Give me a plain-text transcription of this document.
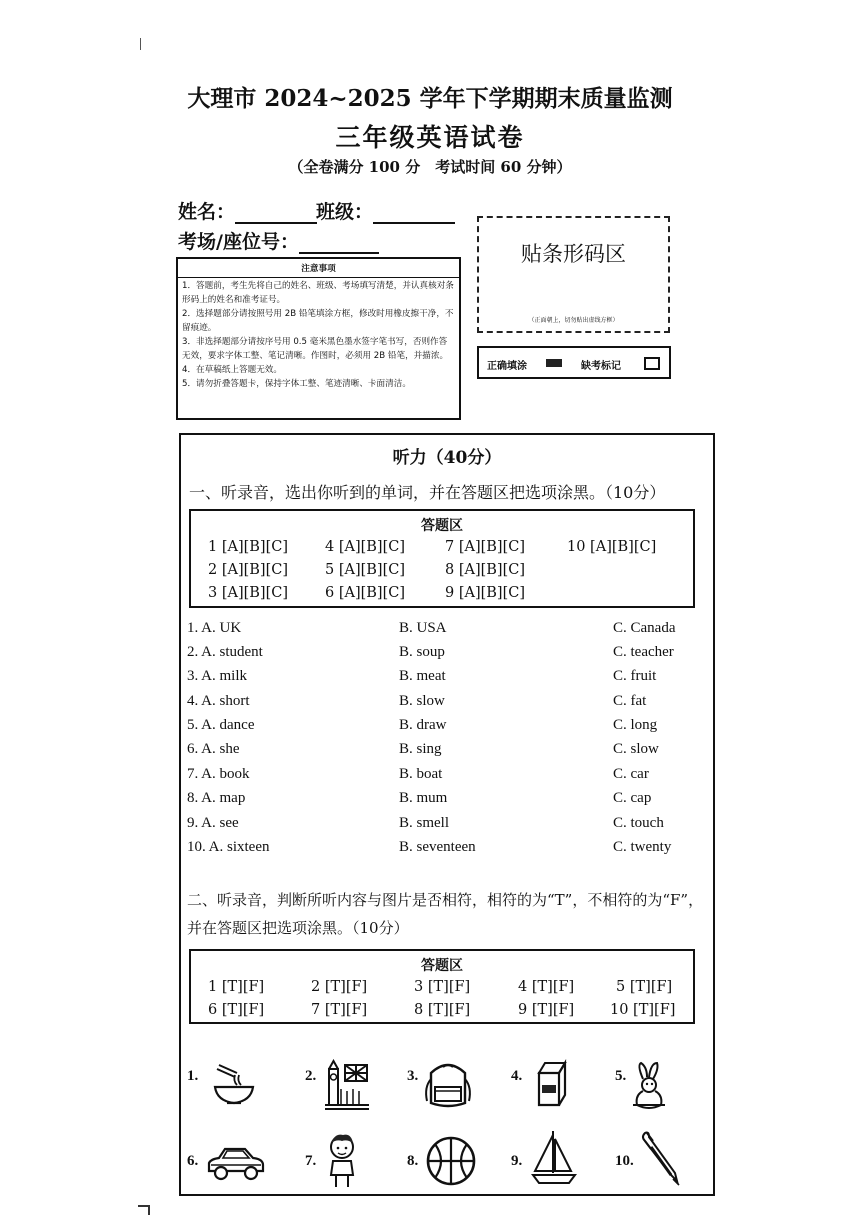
大理市 2024~2025 学年下学期期末质量监测
三年级英语试卷
（全卷满分 100 分　考试时间 60 分钟）
姓名：	班级：
考场/座位号：
注意事项

1．答题前，考生先将自己的姓名、班级、考场填写清楚，并认真核对条形码上的姓名和准考证号。

2．选择题部分请按照号用 2B 铅笔填涂方框，修改时用橡皮擦干净，不留痕迹。

3．非选择题部分请按序号用 0.5 毫米黑色墨水签字笔书写，否则作答无效，要求字体工整、笔记清晰。作图时，必须用 2B 铅笔，并描浓。

4．在草稿纸上答题无效。

5．请勿折叠答题卡，保持字体工整、笔迹清晰、卡面清洁。

贴条形码区
（正面朝上，切勿贴出虚线方框）
正确填涂	缺考标记
听力（40分）
一、听录音，选出你听到的单词，并在答题区把选项涂黑。（10分）
答题区
1 [A][B][C]
2 [A][B][C]
3 [A][B][C]
4 [A][B][C]
5 [A][B][C]
6 [A][B][C]
7 [A][B][C]
8 [A][B][C]
9 [A][B][C]
10 [A][B][C]
1. A. UK	B. USA	C. Canada
2. A. student	B. soup	C. teacher
3. A. milk	B. meat	C. fruit
4. A. short	B. slow	C. fat
5. A. dance	B. draw	C. long
6. A. she	B. sing	C. slow
7. A. book	B. boat	C. car
8. A. map	B. mum	C. cap
9. A. see	B. smell	C. touch
10. A. sixteen	B. seventeen	C. twenty
二、听录音，判断所听内容与图片是否相符，相符的为“T”，不相符的为“F”，
并在答题区把选项涂黑。（10分）
答题区
1 [T][F]	2 [T][F]	3 [T][F]	4 [T][F]	5 [T][F]
6 [T][F]	7 [T][F]	8 [T][F]	9 [T][F] 10 [T][F]
1.	2.	3.	4.	5.
6.	7.	8.	9.	10.
